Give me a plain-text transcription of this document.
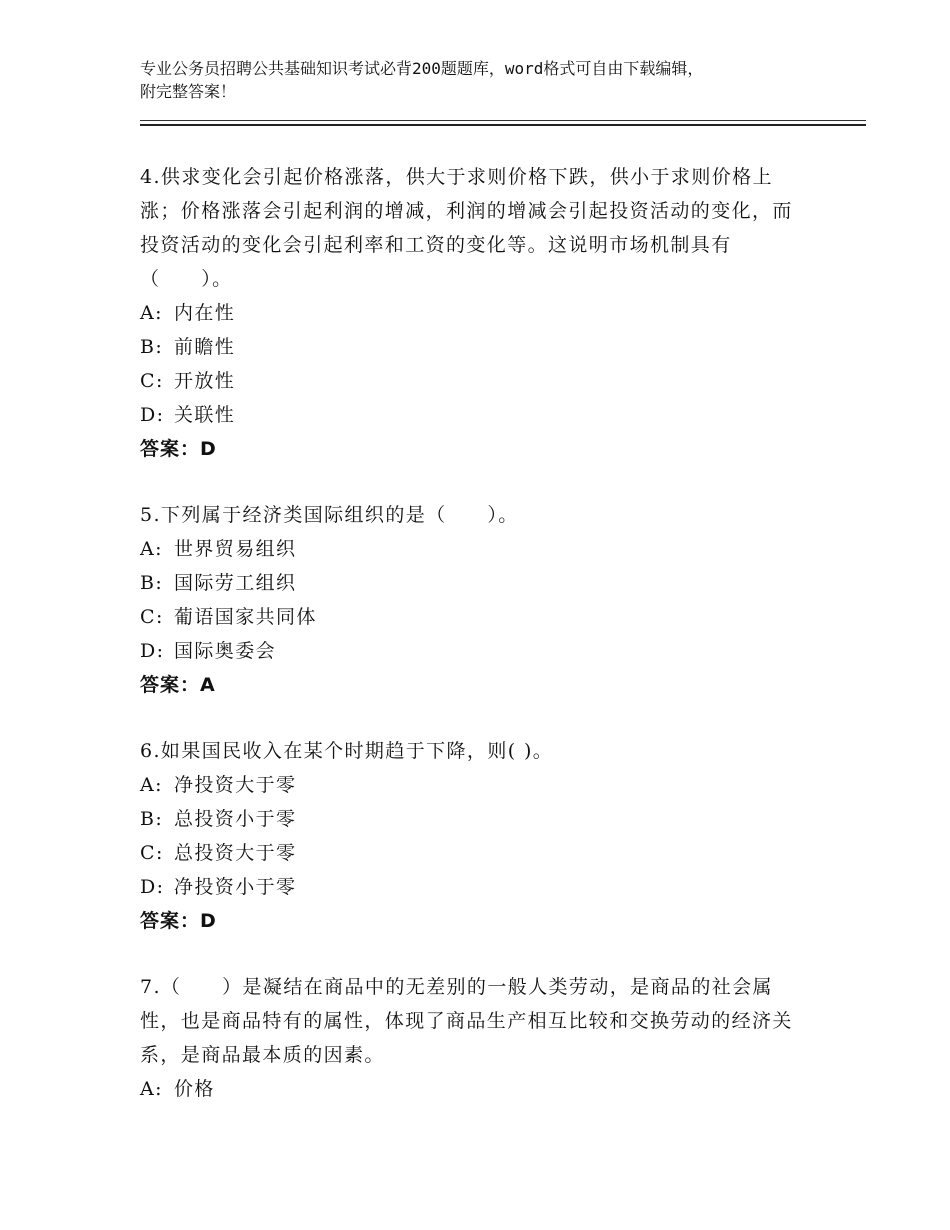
专业公务员招聘公共基础知识考试必背200题题库，word格式可自由下载编辑，
附完整答案！
4.供求变化会引起价格涨落，供大于求则价格下跌，供小于求则价格上涨；价格涨落会引起利润的增减，利润的增减会引起投资活动的变化，而投资活动的变化会引起利率和工资的变化等。这说明市场机制具有（　　）。
A: 内在性
B: 前瞻性
C: 开放性
D: 关联性
答案：D
5.下列属于经济类国际组织的是（　　）。
A: 世界贸易组织
B: 国际劳工组织
C: 葡语国家共同体
D: 国际奥委会
答案：A
6.如果国民收入在某个时期趋于下降，则( )。
A: 净投资大于零
B: 总投资小于零
C: 总投资大于零
D: 净投资小于零
答案：D
7.（　　）是凝结在商品中的无差别的一般人类劳动，是商品的社会属性，也是商品特有的属性，体现了商品生产相互比较和交换劳动的经济关系，是商品最本质的因素。
A: 价格
